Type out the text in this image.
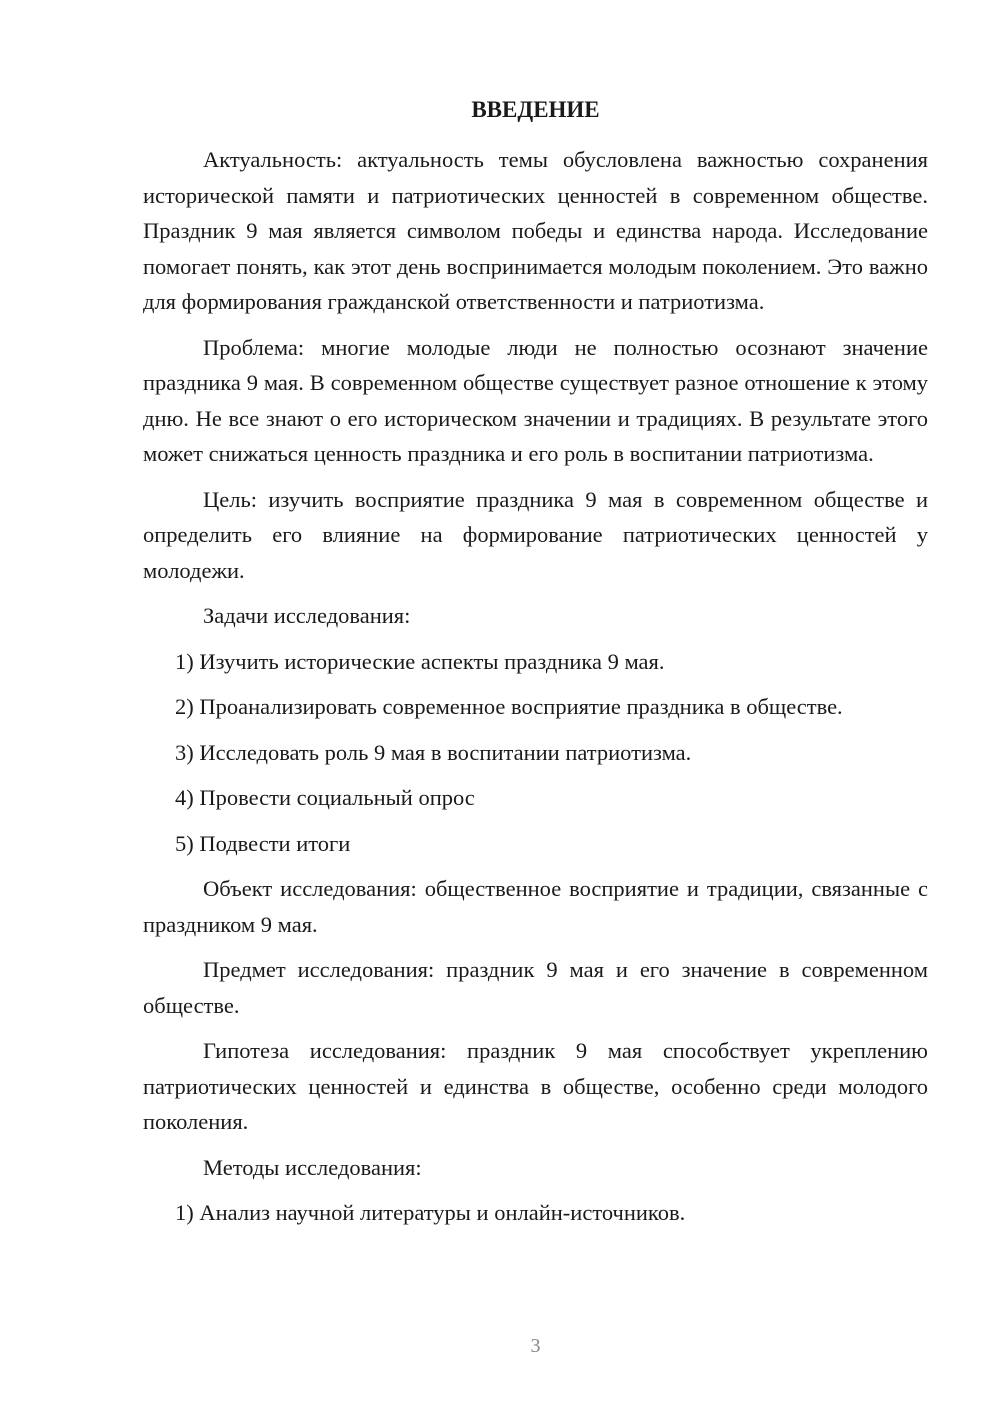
ВВЕДЕНИЕ

Актуальность: актуальность темы обусловлена важностью сохранения исторической памяти и патриотических ценностей в современном обществе. Праздник 9 мая является символом победы и единства народа. Исследование помогает понять, как этот день воспринимается молодым поколением. Это важно для формирования гражданской ответственности и патриотизма.

Проблема: многие молодые люди не полностью осознают значение праздника 9 мая. В современном обществе существует разное отношение к этому дню. Не все знают о его историческом значении и традициях. В результате этого может снижаться ценность праздника и его роль в воспитании патриотизма.

Цель: изучить восприятие праздника 9 мая в современном обществе и определить его влияние на формирование патриотических ценностей у молодежи.

Задачи исследования:

1) Изучить исторические аспекты праздника 9 мая.

2) Проанализировать современное восприятие праздника в обществе.

3) Исследовать роль 9 мая в воспитании патриотизма.

4) Провести социальный опрос

5) Подвести итоги

Объект исследования: общественное восприятие и традиции, связанные с праздником 9 мая.

Предмет исследования: праздник 9 мая и его значение в современном обществе.

Гипотеза исследования: праздник 9 мая способствует укреплению патриотических ценностей и единства в обществе, особенно среди молодого поколения.

Методы исследования:

1) Анализ научной литературы и онлайн-источников.

3
